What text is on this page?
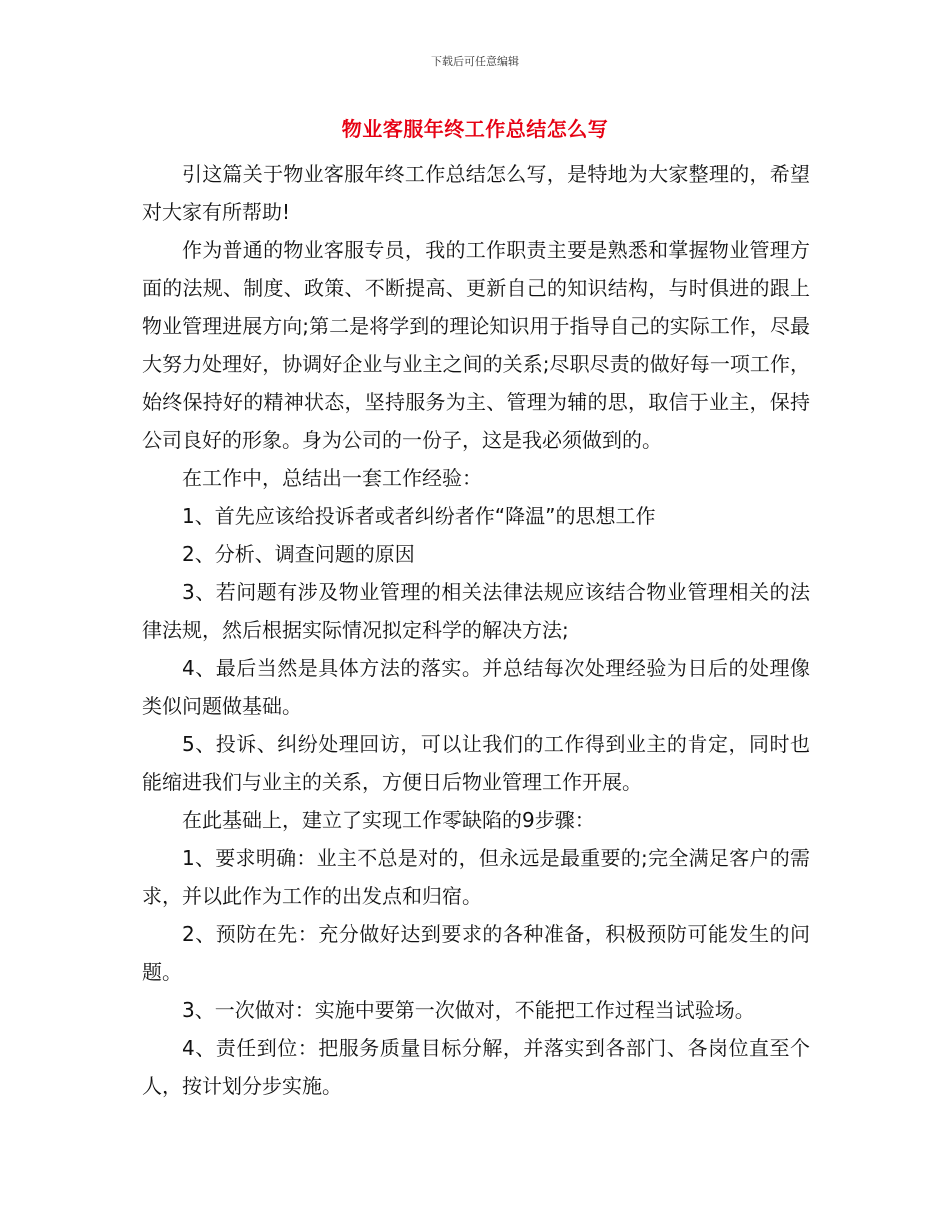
下载后可任意编辑
物业客服年终工作总结怎么写

引这篇关于物业客服年终工作总结怎么写，是特地为大家整理的，希望对大家有所帮助!

作为普通的物业客服专员，我的工作职责主要是熟悉和掌握物业管理方面的法规、制度、政策、不断提高、更新自己的知识结构，与时俱进的跟上物业管理进展方向;第二是将学到的理论知识用于指导自己的实际工作，尽最大努力处理好，协调好企业与业主之间的关系;尽职尽责的做好每一项工作，始终保持好的精神状态，坚持服务为主、管理为辅的思，取信于业主，保持公司良好的形象。身为公司的一份子，这是我必须做到的。

在工作中，总结出一套工作经验：

1、首先应该给投诉者或者纠纷者作“降温”的思想工作

2、分析、调查问题的原因

3、若问题有涉及物业管理的相关法律法规应该结合物业管理相关的法律法规，然后根据实际情况拟定科学的解决方法;

4、最后当然是具体方法的落实。并总结每次处理经验为日后的处理像类似问题做基础。

5、投诉、纠纷处理回访，可以让我们的工作得到业主的肯定，同时也能缩进我们与业主的关系，方便日后物业管理工作开展。

在此基础上，建立了实现工作零缺陷的9步骤：

1、要求明确：业主不总是对的，但永远是最重要的;完全满足客户的需求，并以此作为工作的出发点和归宿。

2、预防在先：充分做好达到要求的各种准备，积极预防可能发生的问题。

3、一次做对：实施中要第一次做对，不能把工作过程当试验场。

4、责任到位：把服务质量目标分解，并落实到各部门、各岗位直至个人，按计划分步实施。
